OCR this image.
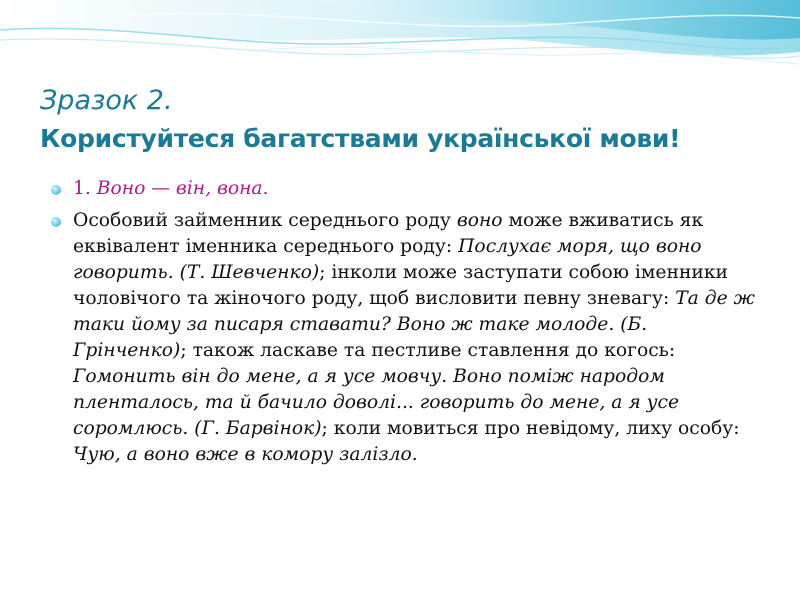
Зразок 2.
Користуйтеся багатствами української мови!
1. Воно — він, вона.
Особовий займенник середнього роду воно може вживатись як еквівалент іменника середнього роду: Послухає моря, що воно говорить. (Т. Шевченко); інколи може заступати собою іменники чоловічого та жіночого роду, щоб висловити певну зневагу: Та де ж таки йому за писаря ставати? Воно ж таке молоде. (Б. Грінченко); також ласкаве та пестливе ставлення до когось: Гомонить він до мене, а я усе мовчу. Воно поміж народом пленталось, та й бачило доволі... говорить до мене, а я усе соромлюсь. (Г. Барвінок); коли мовиться про невідому, лиху особу: Чую, а воно вже в комору залізло.
